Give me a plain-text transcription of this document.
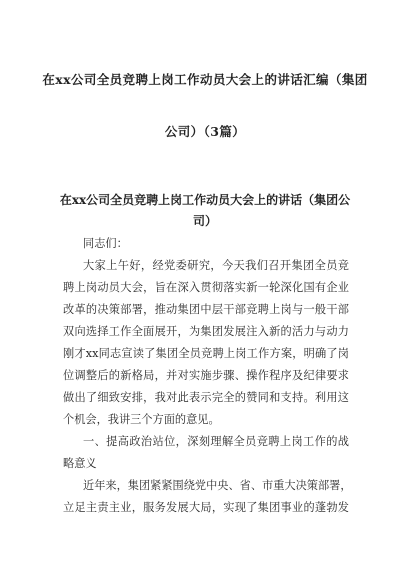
在xx公司全员竞聘上岗工作动员大会上的讲话汇编（集团
公司）（3篇）
在xx公司全员竞聘上岗工作动员大会上的讲话（集团公
司）
同志们：
大家上午好，经党委研究，今天我们召开集团全员竞
聘上岗动员大会，旨在深入贯彻落实新一轮深化国有企业
改革的决策部署，推动集团中层干部竞聘上岗与一般干部
双向选择工作全面展开，为集团发展注入新的活力与动力
刚才xx同志宣读了集团全员竞聘上岗工作方案，明确了岗
位调整后的新格局，并对实施步骤、操作程序及纪律要求
做出了细致安排，我对此表示完全的赞同和支持。利用这
个机会，我讲三个方面的意见。
一、提高政治站位，深刻理解全员竞聘上岗工作的战
略意义
近年来，集团紧紧围绕党中央、省、市重大决策部署，
立足主责主业，服务发展大局，实现了集团事业的蓬勃发
